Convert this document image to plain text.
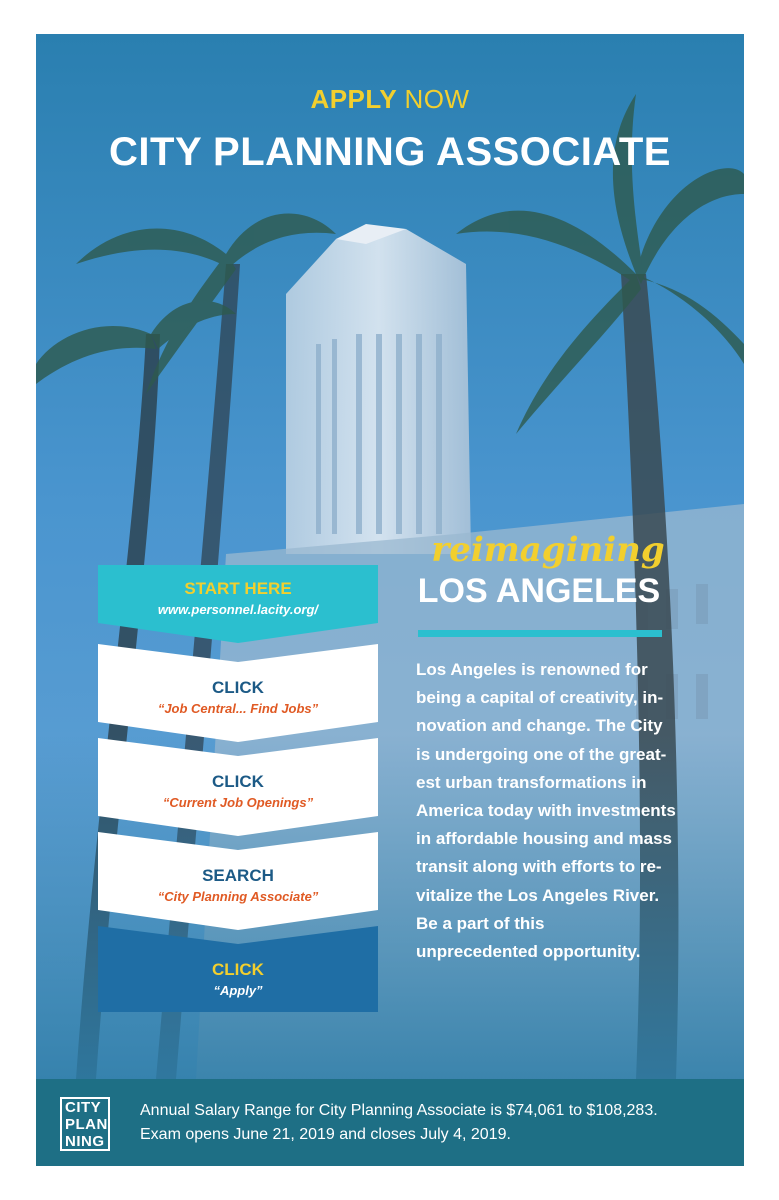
APPLY NOW
CITY PLANNING ASSOCIATE
reimagining
LOS ANGELES
Los Angeles is renowned for
being a capital of creativity, in-
novation and change. The City
is undergoing one of the great-
est urban transformations in
America today with investments
in affordable housing and mass
transit along with efforts to re-
vitalize the Los Angeles River.
Be a part of this
unprecedented opportunity.
START HERE
www.personnel.lacity.org/
CLICK
“Job Central... Find Jobs”
CLICK
“Current Job Openings”
SEARCH
“City Planning Associate”
CLICK
“Apply”
CITY
PLAN
NING
Annual Salary Range for City Planning Associate is $74,061 to $108,283.
Exam opens June 21, 2019 and closes July 4, 2019.
